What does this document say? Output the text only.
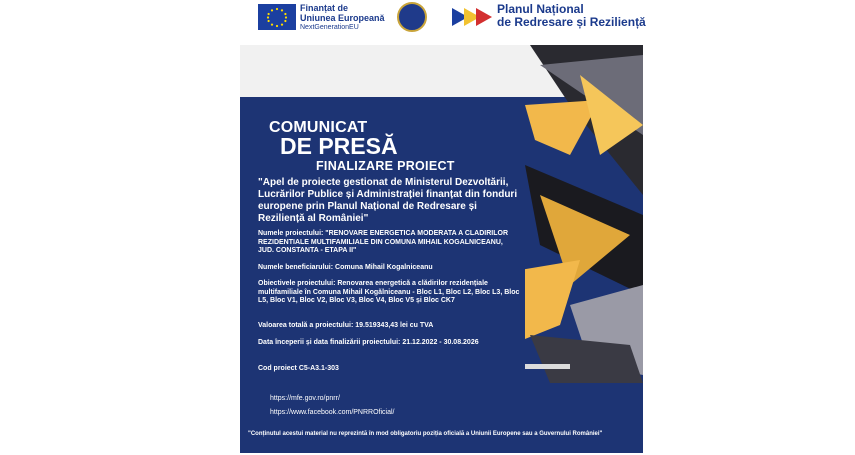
Finanțat de
Uniunea Europeană
NextGenerationEU
Planul Național
de Redresare și Reziliență
COMUNICAT
DE PRESĂ
FINALIZARE PROIECT
"Apel de proiecte gestionat de Ministerul Dezvoltării, Lucrărilor Publice și Administrației finanțat din fonduri europene prin Planul Național de Redresare și Reziliență al României"
Numele proiectului: "RENOVARE ENERGETICA MODERATA A CLADIRILOR REZIDENTIALE MULTIFAMILIALE DIN COMUNA MIHAIL KOGALNICEANU, JUD. CONSTANTA - ETAPA II"
Numele beneficiarului: Comuna Mihail Kogalniceanu
Obiectivele proiectului: Renovarea energetică a clădirilor rezidențiale multifamiliale în Comuna Mihail Kogălniceanu - Bloc L1, Bloc L2, Bloc L3, Bloc L5, Bloc V1, Bloc V2, Bloc V3, Bloc V4, Bloc V5 și Bloc CK7
Valoarea totală a proiectului: 19.519343,43 lei cu TVA
Data începerii și data finalizării proiectului: 21.12.2022 - 30.08.2026
Cod proiect C5-A3.1-303
https://mfe.gov.ro/pnrr/
https://www.facebook.com/PNRROficial/
"Conținutul acestui material nu reprezintă în mod obligatoriu poziția oficială a Uniunii Europene sau a Guvernului României"
